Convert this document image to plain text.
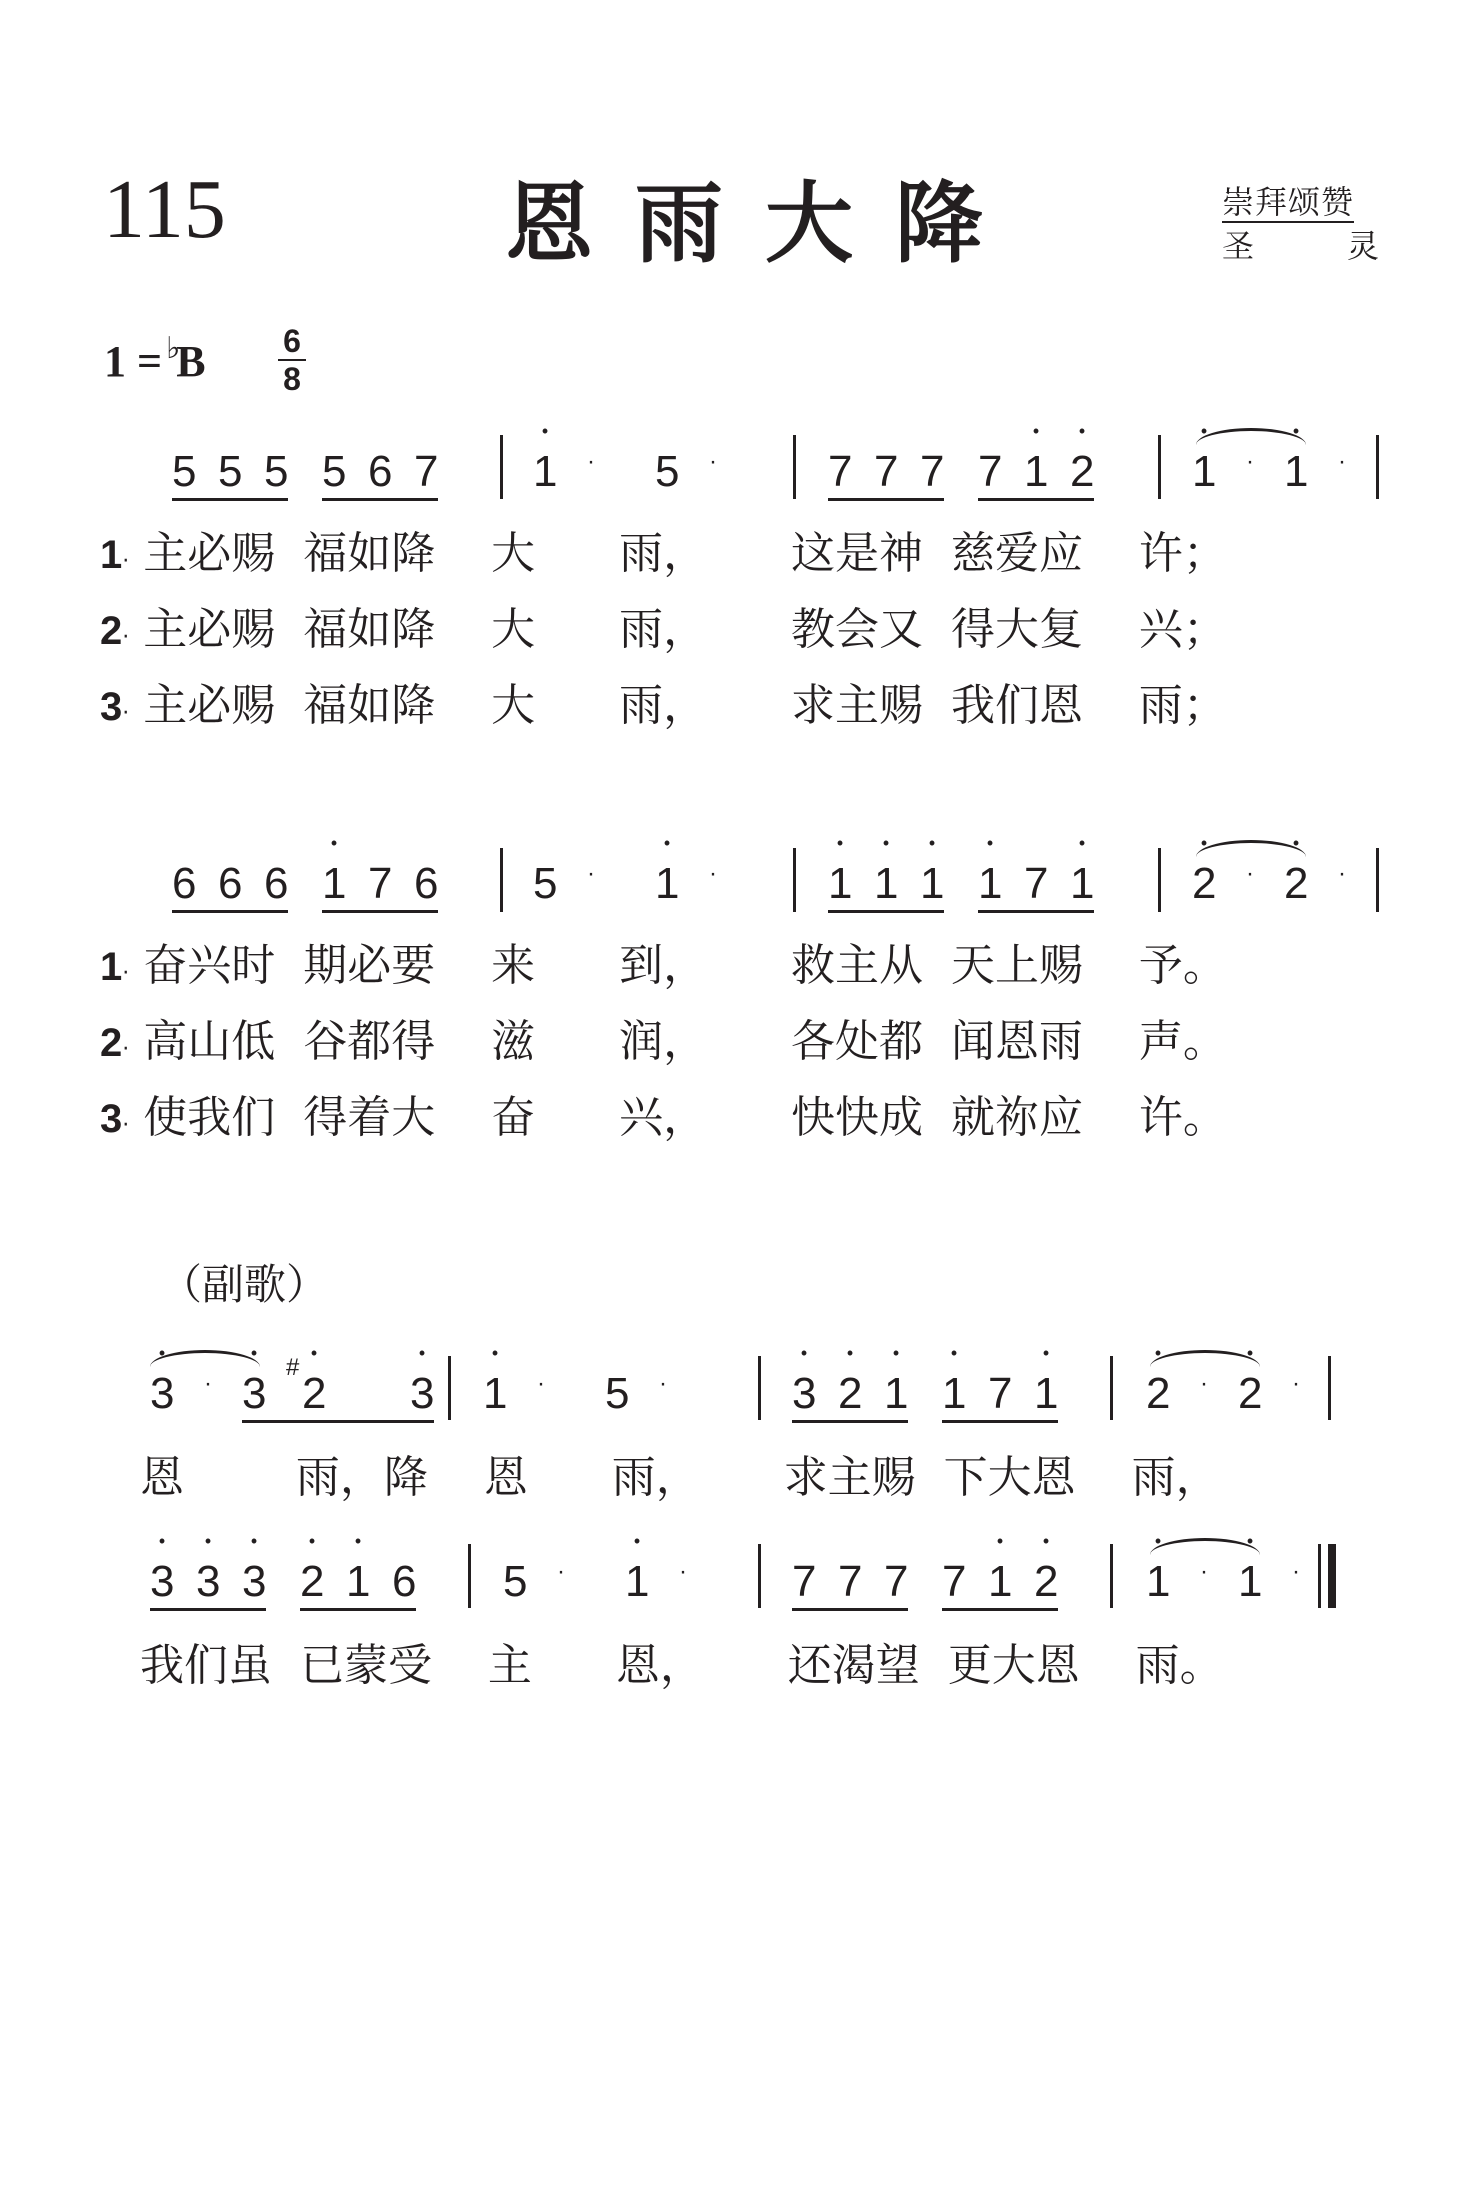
115	恩雨大降	崇拜颂赞
圣	灵
1 = ♭B 6
8
5 5 5 5 6 7 • 1	· 5	·	7 7 7 7 • 1 • 2 • 1	· • 1	·
1· 主必赐  福如降    大      雨，      这是神  慈爱应    许；
2· 主必赐  福如降    大      雨，      教会又  得大复    兴；
3· 主必赐  福如降    大      雨，      求主赐  我们恩    雨；
6 6 6 • 1 7 6 5	· • 1	·	• 1 • 1 • 1 • 1 7 • 1 • 2	· • 2	·
1· 奋兴时  期必要    来      到，      救主从  天上赐    予。
2· 高山低  谷都得    滋      润，      各处都  闻恩雨    声。
3· 使我们  得着大    奋      兴，      快快成  就祢应    许。
（副歌）
• 3	· • 3 • 2 # • 3 • 1	· 5	·	• 3 • 2 • 1 • 1 7 • 1 • 2	· • 2	·
恩        雨，降    恩      雨，      求主赐  下大恩    雨，
• 3 • 3 • 3 • 2 • 1 6 5	· • 1	· 7 7 7 7 • 1 • 2 • 1	· • 1	·
我们虽  已蒙受    主      恩，      还渴望  更大恩    雨。
